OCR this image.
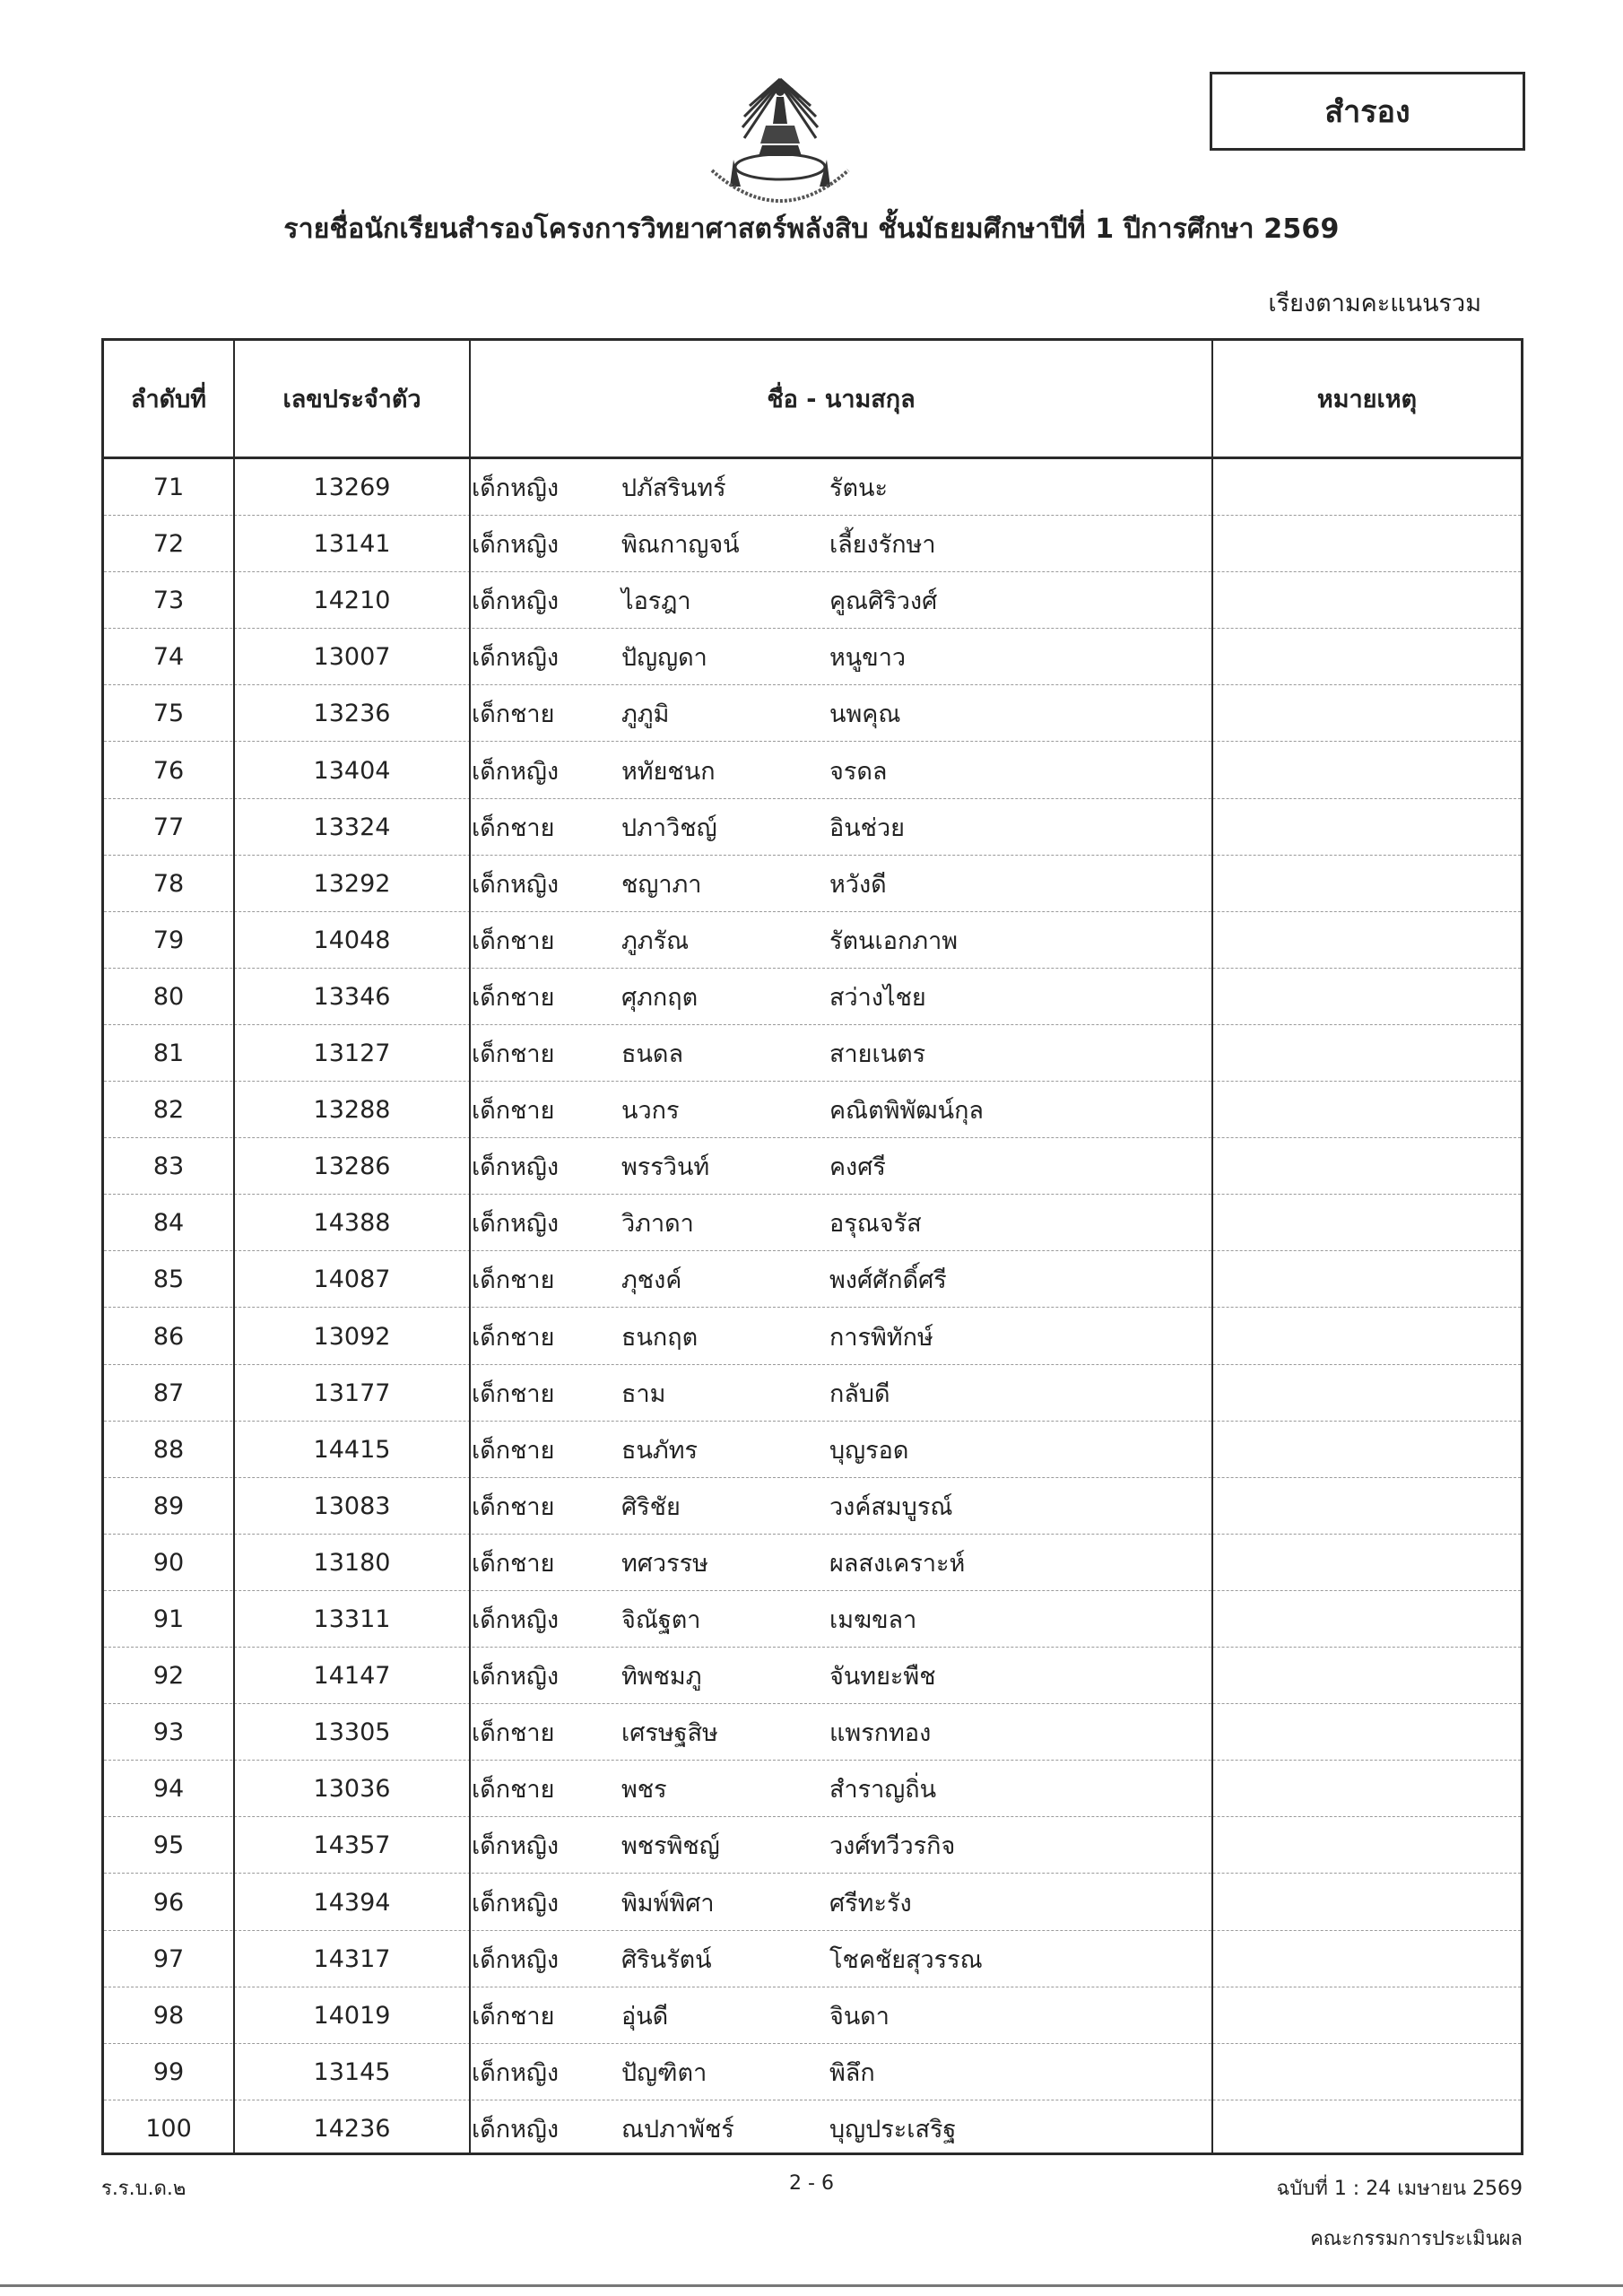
สำรอง
รายชื่อนักเรียนสำรองโครงการวิทยาศาสตร์พลังสิบ ชั้นมัธยมศึกษาปีที่ 1 ปีการศึกษา 2569
เรียงตามคะแนนรวม
ลำดับที่	เลขประจำตัว	ชื่อ - นามสกุล	หมายเหตุ
71	13269	เด็กหญิง	ปภัสรินทร์	รัตนะ
72	13141	เด็กหญิง	พิณกาญจน์	เลี้ยงรักษา
73	14210	เด็กหญิง	ไอรฎา	คูณศิริวงศ์
74	13007	เด็กหญิง	ปัญญดา	หนูขาว
75	13236	เด็กชาย	ภูภูมิ	นพคุณ
76	13404	เด็กหญิง	หทัยชนก	จรดล
77	13324	เด็กชาย	ปภาวิชญ์	อินช่วย
78	13292	เด็กหญิง	ชญาภา	หวังดี
79	14048	เด็กชาย	ภูภรัณ	รัตนเอกภาพ
80	13346	เด็กชาย	ศุภกฤต	สว่างไชย
81	13127	เด็กชาย	ธนดล	สายเนตร
82	13288	เด็กชาย	นวกร	คณิตพิพัฒน์กุล
83	13286	เด็กหญิง	พรรวินท์	คงศรี
84	14388	เด็กหญิง	วิภาดา	อรุณจรัส
85	14087	เด็กชาย	ภุชงค์	พงศ์ศักดิ์ศรี
86	13092	เด็กชาย	ธนกฤต	การพิทักษ์
87	13177	เด็กชาย	ธาม	กลับดี
88	14415	เด็กชาย	ธนภัทร	บุญรอด
89	13083	เด็กชาย	ศิริชัย	วงค์สมบูรณ์
90	13180	เด็กชาย	ทศวรรษ	ผลสงเคราะห์
91	13311	เด็กหญิง	จิณัฐตา	เมฆขลา
92	14147	เด็กหญิง	ทิพชมภู	จันทยะพืช
93	13305	เด็กชาย	เศรษฐสิษ	แพรกทอง
94	13036	เด็กชาย	พชร	สำราญถิ่น
95	14357	เด็กหญิง	พชรพิชญ์	วงศ์ทวีวรกิจ
96	14394	เด็กหญิง	พิมพ์พิศา	ศรีทะรัง
97	14317	เด็กหญิง	ศิรินรัตน์	โชคชัยสุวรรณ
98	14019	เด็กชาย	อุ่นดี	จินดา
99	13145	เด็กหญิง	ปัญฑิตา	พิลึก
100	14236	เด็กหญิง	ณปภาพัชร์	บุญประเสริฐ
ร.ร.บ.ด.๒	2 - 6	ฉบับที่ 1 : 24 เมษายน 2569
คณะกรรมการประเมินผล
